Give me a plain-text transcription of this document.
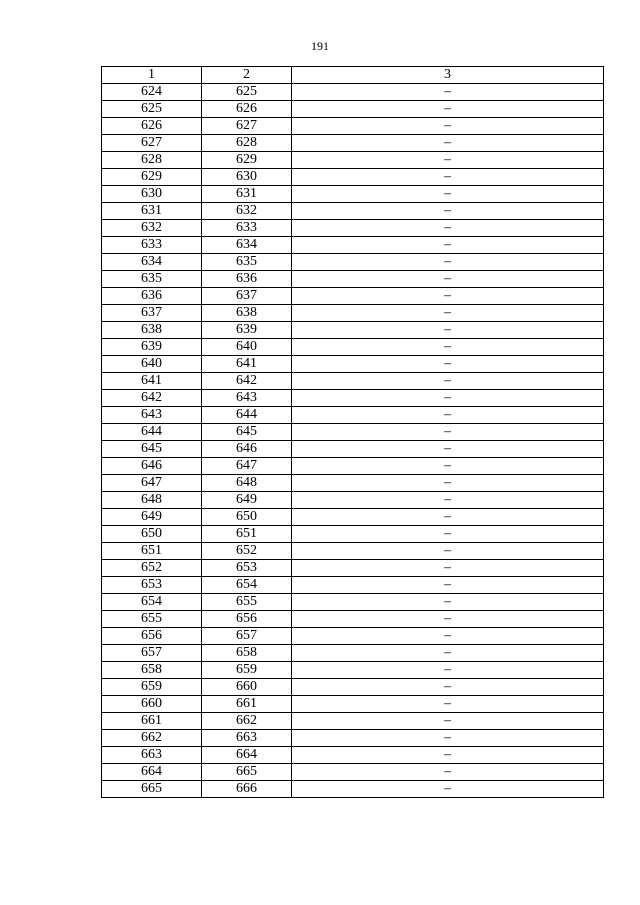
191
1	2	3
624	625	–
625	626	–
626	627	–
627	628	–
628	629	–
629	630	–
630	631	–
631	632	–
632	633	–
633	634	–
634	635	–
635	636	–
636	637	–
637	638	–
638	639	–
639	640	–
640	641	–
641	642	–
642	643	–
643	644	–
644	645	–
645	646	–
646	647	–
647	648	–
648	649	–
649	650	–
650	651	–
651	652	–
652	653	–
653	654	–
654	655	–
655	656	–
656	657	–
657	658	–
658	659	–
659	660	–
660	661	–
661	662	–
662	663	–
663	664	–
664	665	–
665	666	–
